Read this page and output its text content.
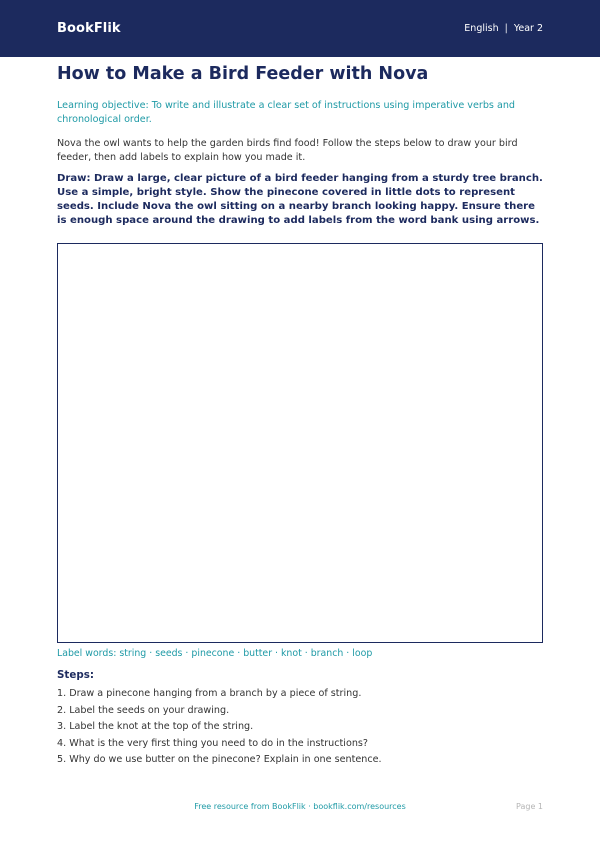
BookFlik	English | Year 2
How to Make a Bird Feeder with Nova

Learning objective: To write and illustrate a clear set of instructions using imperative verbs and chronological order.

Nova the owl wants to help the garden birds find food! Follow the steps below to draw your bird feeder, then add labels to explain how you made it.

Draw: Draw a large, clear picture of a bird feeder hanging from a sturdy tree branch. Use a simple, bright style. Show the pinecone covered in little dots to represent seeds. Include Nova the owl sitting on a nearby branch looking happy. Ensure there is enough space around the drawing to add labels from the word bank using arrows.

Label words: string · seeds · pinecone · butter · knot · branch · loop
Steps:
1. Draw a pinecone hanging from a branch by a piece of string.
2. Label the seeds on your drawing.
3. Label the knot at the top of the string.
4. What is the very first thing you need to do in the instructions?
5. Why do we use butter on the pinecone? Explain in one sentence.
Free resource from BookFlik · bookflik.com/resources	Page 1
